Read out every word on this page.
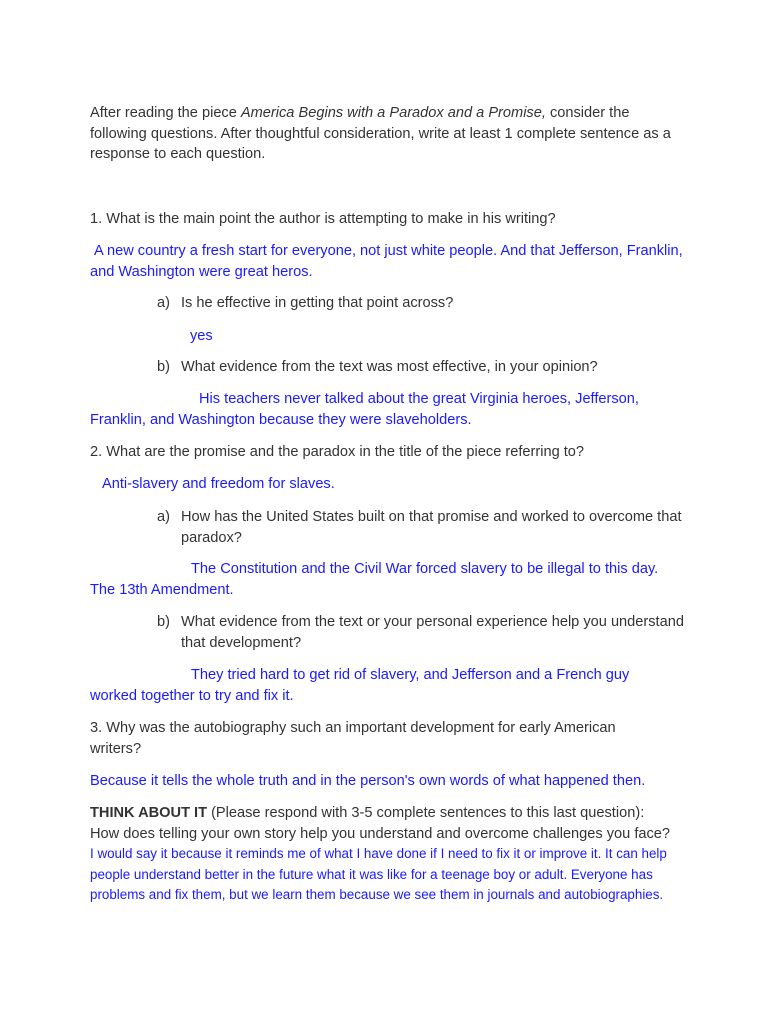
After reading the piece America Begins with a Paradox and a Promise, consider the following questions. After thoughtful consideration, write at least 1 complete sentence as a response to each question.

1. What is the main point the author is attempting to make in his writing?

A new country a fresh start for everyone, not just white people. And that Jefferson, Franklin, and Washington were great heros.

a) Is he effective in getting that point across?

yes

b) What evidence from the text was most effective, in your opinion?

His teachers never talked about the great Virginia heroes, Jefferson, Franklin, and Washington because they were slaveholders.

2. What are the promise and the paradox in the title of the piece referring to?

Anti-slavery and freedom for slaves.

a) How has the United States built on that promise and worked to overcome that paradox?

The Constitution and the Civil War forced slavery to be illegal to this day. The 13th Amendment.

b) What evidence from the text or your personal experience help you understand that development?

They tried hard to get rid of slavery, and Jefferson and a French guy worked together to try and fix it.

3. Why was the autobiography such an important development for early American writers?

Because it tells the whole truth and in the person's own words of what happened then.

THINK ABOUT IT (Please respond with 3-5 complete sentences to this last question): How does telling your own story help you understand and overcome challenges you face? I would say it because it reminds me of what I have done if I need to fix it or improve it. It can help people understand better in the future what it was like for a teenage boy or adult. Everyone has problems and fix them, but we learn them because we see them in journals and autobiographies.
